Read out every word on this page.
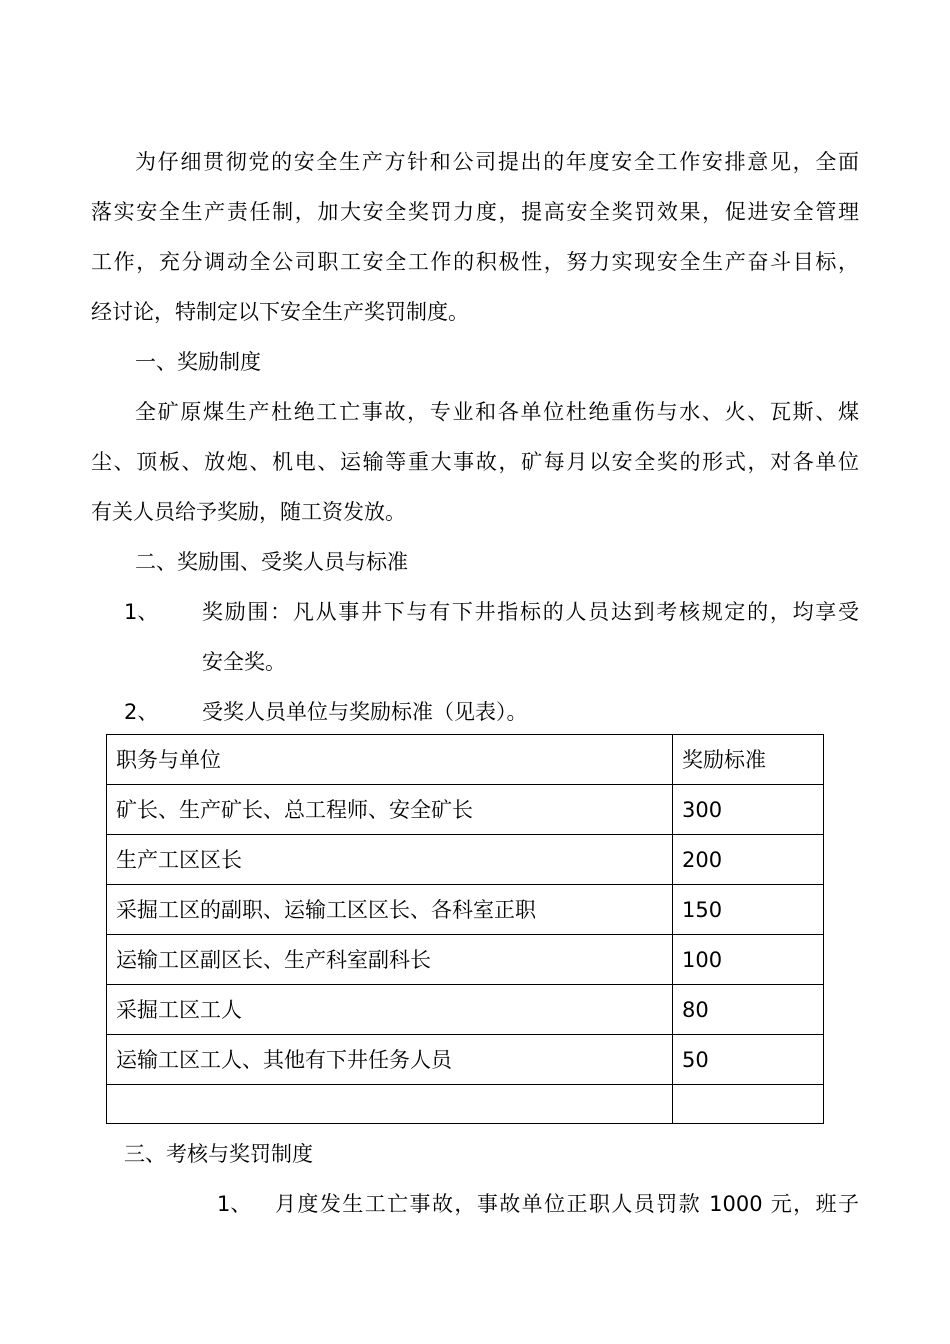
为仔细贯彻党的安全生产方针和公司提出的年度安全工作安排意见，全面
落实安全生产责任制，加大安全奖罚力度，提高安全奖罚效果，促进安全管理
工作，充分调动全公司职工安全工作的积极性，努力实现安全生产奋斗目标，
经讨论，特制定以下安全生产奖罚制度。
一、奖励制度
全矿原煤生产杜绝工亡事故，专业和各单位杜绝重伤与水、火、瓦斯、煤
尘、顶板、放炮、机电、运输等重大事故，矿每月以安全奖的形式，对各单位
有关人员给予奖励，随工资发放。
二、奖励围、受奖人员与标准
1、 奖励围：凡从事井下与有下井指标的人员达到考核规定的，均享受
安全奖。
2、 受奖人员单位与奖励标准（见表）。
职务与单位	奖励标准
矿长、生产矿长、总工程师、安全矿长	300
生产工区区长	200
采掘工区的副职、运输工区区长、各科室正职	150
运输工区副区长、生产科室副科长	100
采掘工区工人	80
运输工区工人、其他有下井任务人员	50

三、考核与奖罚制度
1、 月度发生工亡事故，事故单位正职人员罚款 1000 元，班子
